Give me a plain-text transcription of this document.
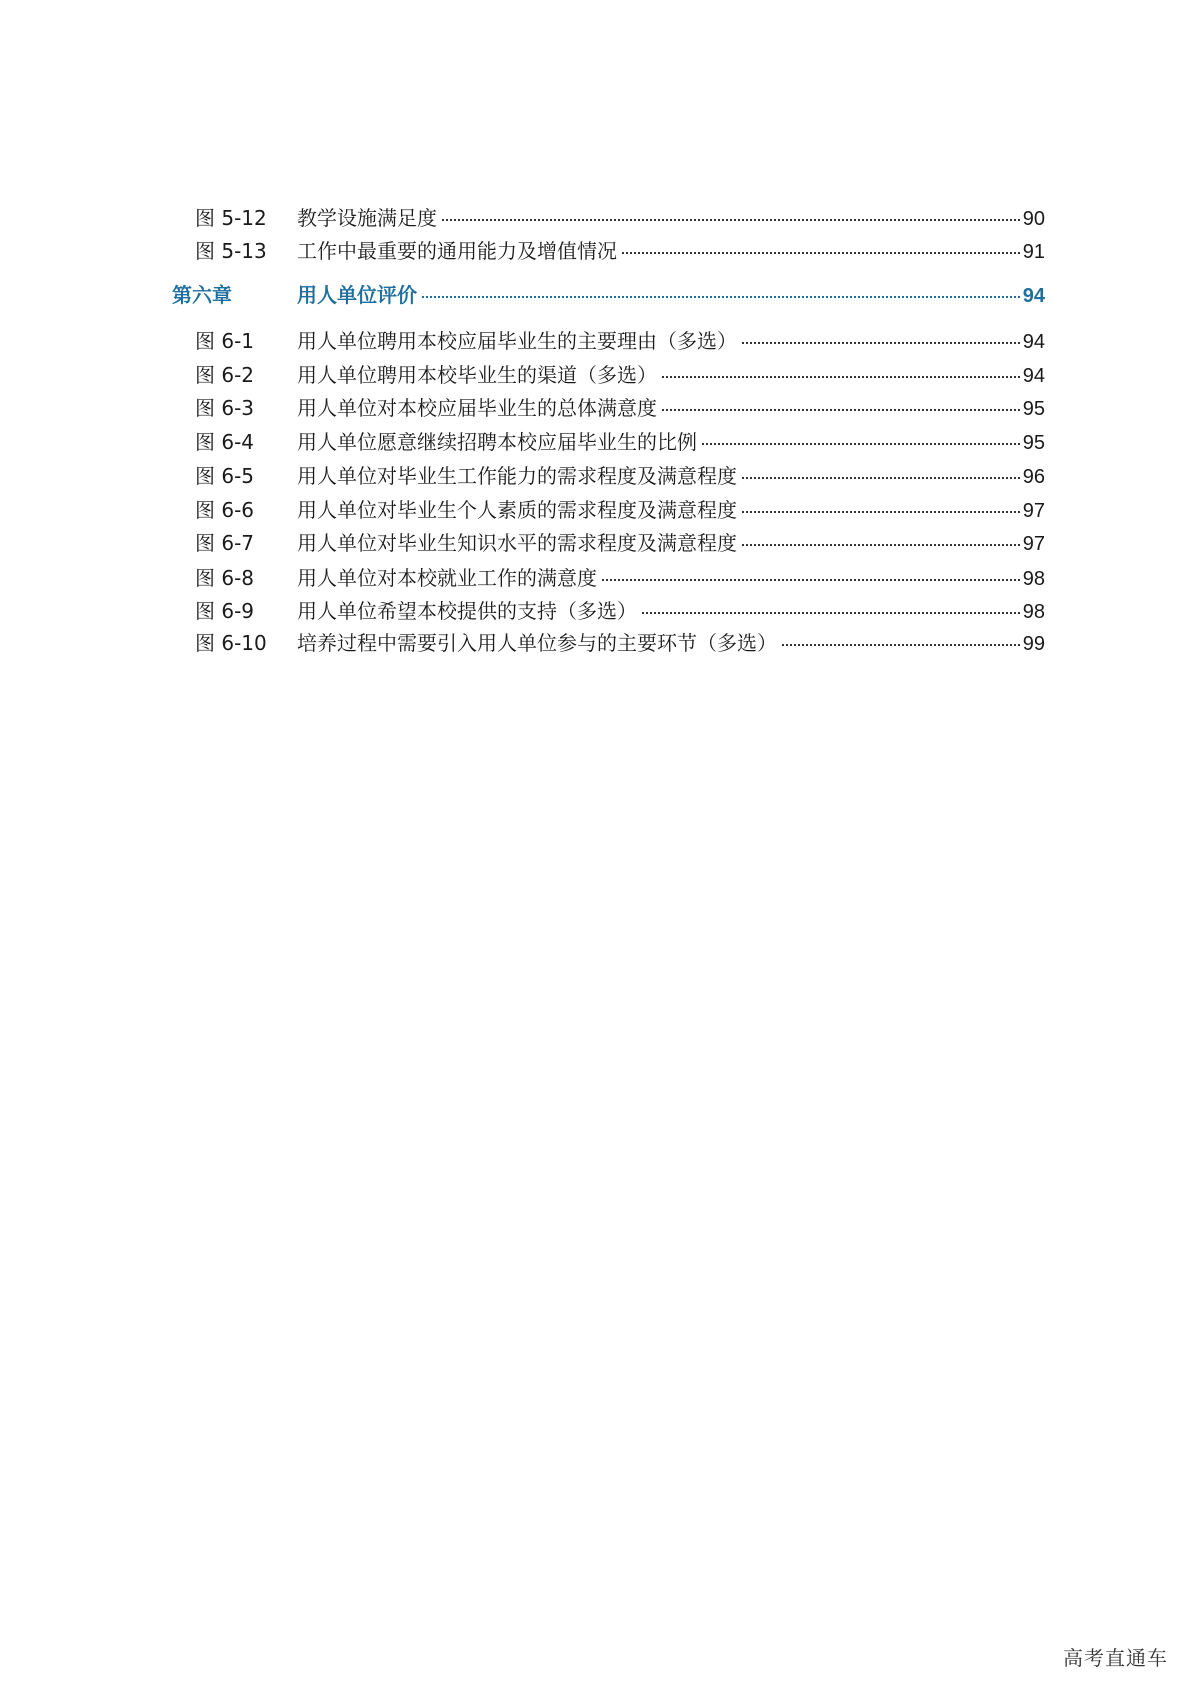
图 5-12	教学设施满足度	90
图 5-13	工作中最重要的通用能力及增值情况	91
第六章	用人单位评价	94
图 6-1	用人单位聘用本校应届毕业生的主要理由（多选）	94
图 6-2	用人单位聘用本校毕业生的渠道（多选）	94
图 6-3	用人单位对本校应届毕业生的总体满意度	95
图 6-4	用人单位愿意继续招聘本校应届毕业生的比例	95
图 6-5	用人单位对毕业生工作能力的需求程度及满意程度	96
图 6-6	用人单位对毕业生个人素质的需求程度及满意程度	97
图 6-7	用人单位对毕业生知识水平的需求程度及满意程度	97
图 6-8	用人单位对本校就业工作的满意度	98
图 6-9	用人单位希望本校提供的支持（多选）	98
图 6-10	培养过程中需要引入用人单位参与的主要环节（多选）	99
高考直通车
